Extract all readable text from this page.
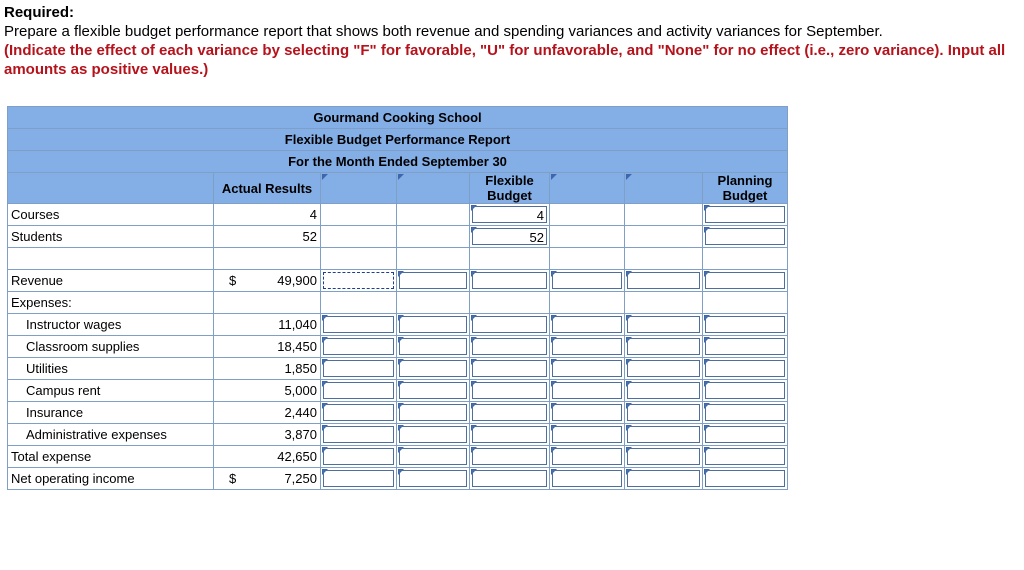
Required:
Prepare a flexible budget performance report that shows both revenue and spending variances and activity variances for September.
(Indicate the effect of each variance by selecting "F" for favorable, "U" for unfavorable, and "None" for no effect (i.e., zero variance). Input all amounts as positive values.)
Gourmand Cooking School							
Flexible Budget Performance Report							
For the Month Ended September 30							
	Actual Results			Flexible
Budget			Planning
Budget
Courses	4			4			

Students	52			52			

Revenue	$ 49,900						

Expenses:							
Instructor wages	11,040	

Classroom supplies	18,450	

Utilities	1,850	

Campus rent	5,000	

Insurance	2,440	

Administrative expenses	3,870	

Total expense	42,650	

Net operating income	$ 7,250						
